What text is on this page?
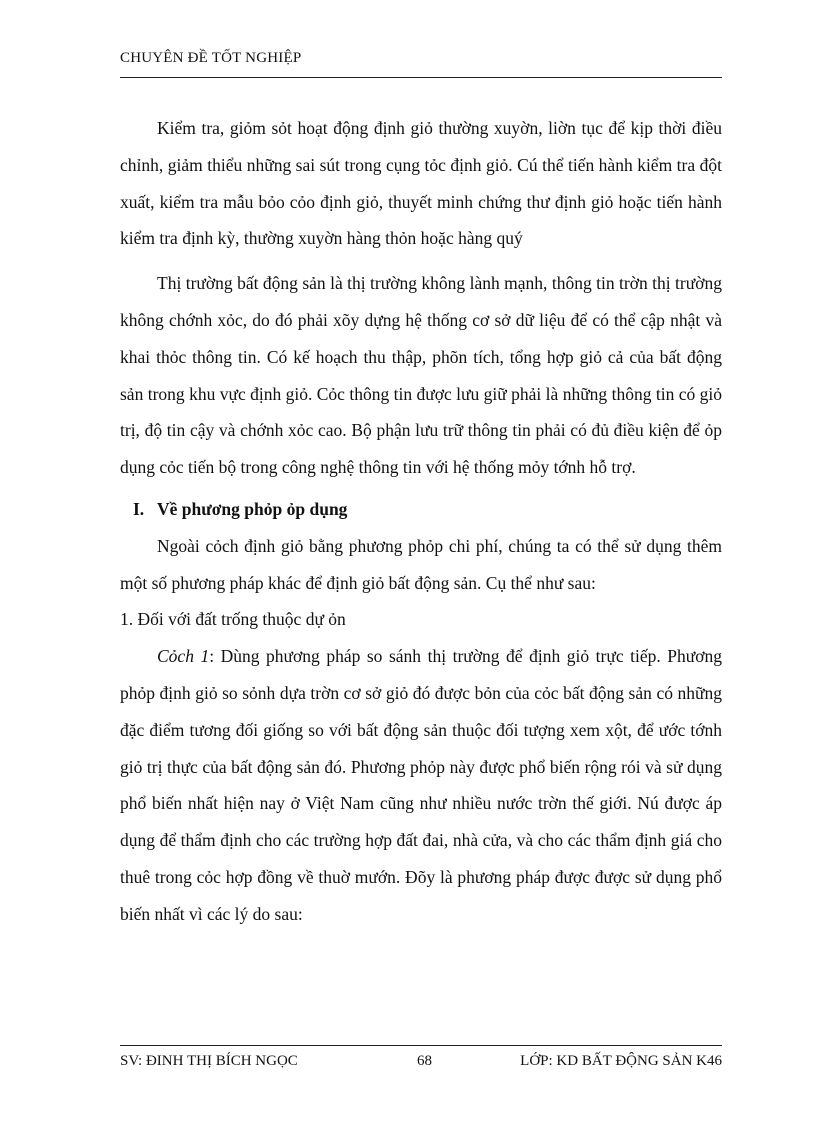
CHUYÊN ĐỀ TỐT NGHIỆP

Kiểm tra, giỏm sỏt hoạt động định giỏ thường xuyờn, liờn tục để kịp thời điều chỉnh, giảm thiểu những sai sút trong cụng tỏc định giỏ. Cú thể tiến hành kiểm tra đột xuất, kiểm tra mẫu bỏo cỏo định giỏ, thuyết minh chứng thư định giỏ hoặc tiến hành kiểm tra định kỳ, thường xuyờn hàng thỏn hoặc hàng quý

Thị trường bất động sản là thị trường không lành mạnh, thông tin trờn thị trường không chớnh xỏc, do đó phải xõy dựng hệ thống cơ sở dữ liệu để có thể cập nhật và khai thỏc thông tin. Có kế hoạch thu thập, phõn tích, tổng hợp giỏ cả của bất động sản trong khu vực định giỏ. Cỏc thông tin được lưu giữ phải là những thông tin có giỏ trị, độ tin cậy và chớnh xỏc cao. Bộ phận lưu trữ thông tin phải có đủ điều kiện để ỏp dụng cỏc tiến bộ trong công nghệ thông tin với hệ thống mỏy tớnh hỗ trợ.

I. Về phương phỏp ỏp dụng

Ngoài cỏch định giỏ bằng phương phỏp chi phí, chúng ta có thể sử dụng thêm một số phương pháp khác để định giỏ bất động sản. Cụ thể như sau:

1. Đối với đất trống thuộc dự ỏn

Cỏch 1: Dùng phương pháp so sánh thị trường để định giỏ trực tiếp. Phương phỏp định giỏ so sỏnh dựa trờn cơ sở giỏ đó được bỏn của cỏc bất động sản có những đặc điểm tương đối giống so với bất động sản thuộc đối tượng xem xột, để ước tớnh giỏ trị thực của bất động sản đó. Phương phỏp này được phổ biến rộng rói và sử dụng phổ biến nhất hiện nay ở Việt Nam cũng như nhiều nước trờn thế giới. Nú được áp dụng để thẩm định cho các trường hợp đất đai, nhà cửa, và cho các thẩm định giá cho thuê trong cỏc hợp đồng về thuờ mướn. Đõy là phương pháp được được sử dụng phổ biến nhất vì các lý do sau:

SV: ĐINH THỊ BÍCH NGỌC	68	LỚP: KD BẤT ĐỘNG SẢN K46
